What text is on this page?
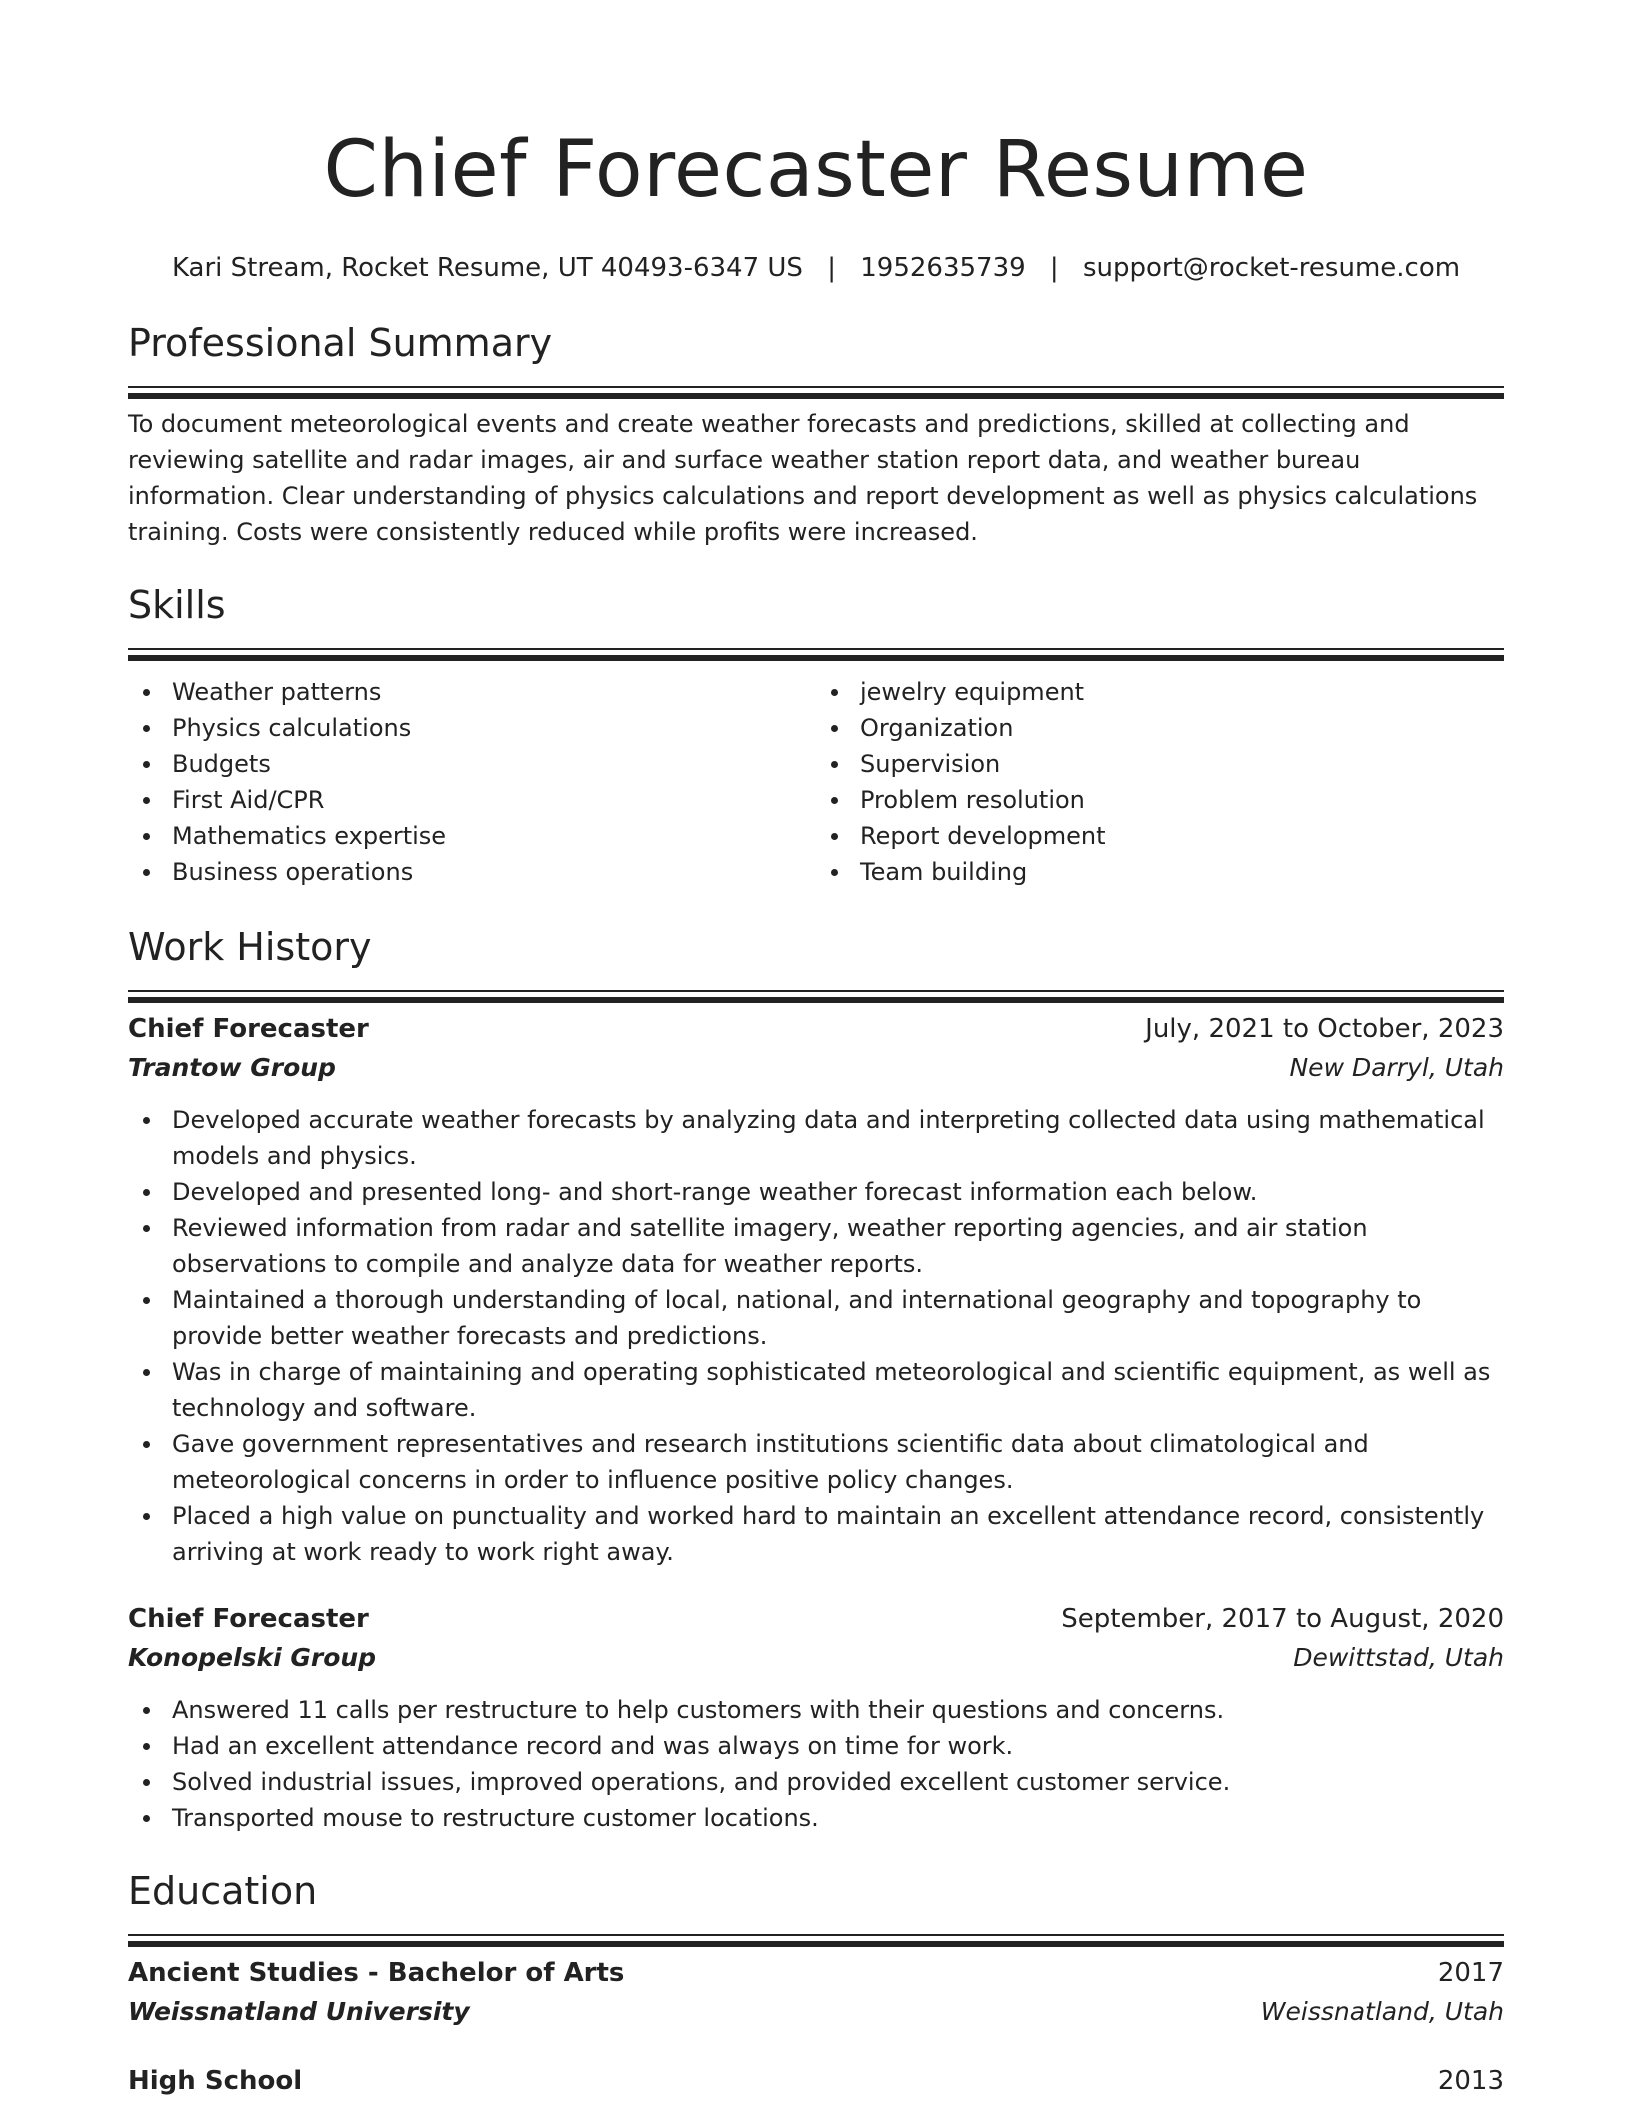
Chief Forecaster Resume
Kari Stream, Rocket Resume, UT 40493-6347 US | 1952635739 | support@rocket-resume.com
Professional Summary

To document meteorological events and create weather forecasts and predictions, skilled at collecting and reviewing satellite and radar images, air and surface weather station report data, and weather bureau information. Clear understanding of physics calculations and report development as well as physics calculations training. Costs were consistently reduced while profits were increased.

Skills
Weather patterns
Physics calculations
Budgets
First Aid/CPR
Mathematics expertise
Business operations
jewelry equipment
Organization
Supervision
Problem resolution
Report development
Team building
Work History
Chief Forecaster	July, 2021 to October, 2023
Trantow Group	New Darryl, Utah
Developed accurate weather forecasts by analyzing data and interpreting collected data using mathematical models and physics.
Developed and presented long- and short-range weather forecast information each below.
Reviewed information from radar and satellite imagery, weather reporting agencies, and air station observations to compile and analyze data for weather reports.
Maintained a thorough understanding of local, national, and international geography and topography to provide better weather forecasts and predictions.
Was in charge of maintaining and operating sophisticated meteorological and scientific equipment, as well as technology and software.
Gave government representatives and research institutions scientific data about climatological and meteorological concerns in order to influence positive policy changes.
Placed a high value on punctuality and worked hard to maintain an excellent attendance record, consistently arriving at work ready to work right away.
Chief Forecaster	September, 2017 to August, 2020
Konopelski Group	Dewittstad, Utah
Answered 11 calls per restructure to help customers with their questions and concerns.
Had an excellent attendance record and was always on time for work.
Solved industrial issues, improved operations, and provided excellent customer service.
Transported mouse to restructure customer locations.
Education
Ancient Studies - Bachelor of Arts	2017
Weissnatland University	Weissnatland, Utah
High School	2013
